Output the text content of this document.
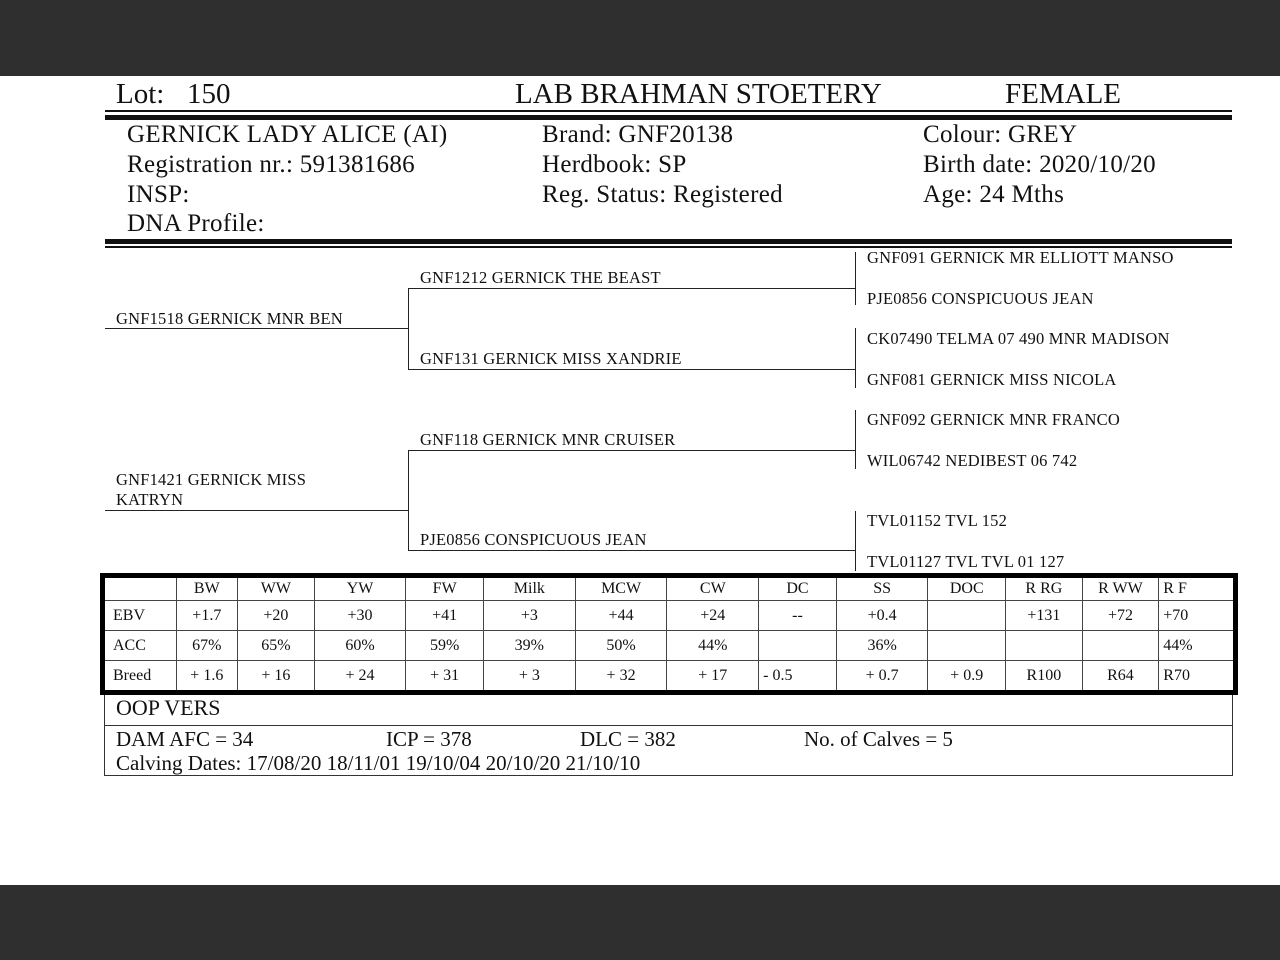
Lot: 150	LAB BRAHMAN STOETERY	FEMALE
GERNICK LADY ALICE (AI)
Registration nr.: 591381686
INSP:
DNA Profile:
Brand: GNF20138
Herdbook: SP
Reg. Status: Registered
Colour: GREY
Birth date: 2020/10/20
Age: 24 Mths
GNF1518 GERNICK MNR BEN
GNF1421 GERNICK MISS
KATRYN
GNF1212 GERNICK THE BEAST
GNF131 GERNICK MISS XANDRIE
GNF118 GERNICK MNR CRUISER
PJE0856 CONSPICUOUS JEAN
GNF091 GERNICK MR ELLIOTT MANSO
PJE0856 CONSPICUOUS JEAN
CK07490 TELMA 07 490 MNR MADISON
GNF081 GERNICK MISS NICOLA
GNF092 GERNICK MNR FRANCO
WIL06742 NEDIBEST 06 742
TVL01152 TVL 152
TVL01127 TVL TVL 01 127
	BW	WW	YW	FW	Milk	MCW	CW	DC	SS	DOC	R RG	R WW	R F
EBV	+1.7	+20	+30	+41	+3	+44	+24	--	+0.4		+131	+72	+70
ACC	67%	65%	60%	59%	39%	50%	44%		36%				44%
Breed	+ 1.6	+ 16	+ 24	+ 31	+ 3	+ 32	+ 17	- 0.5	+ 0.7	+ 0.9	R100	R64	R70
OOP VERS
DAM AFC = 34	ICP = 378	DLC = 382	No. of Calves = 5
Calving Dates: 17/08/20 18/11/01 19/10/04 20/10/20 21/10/10
